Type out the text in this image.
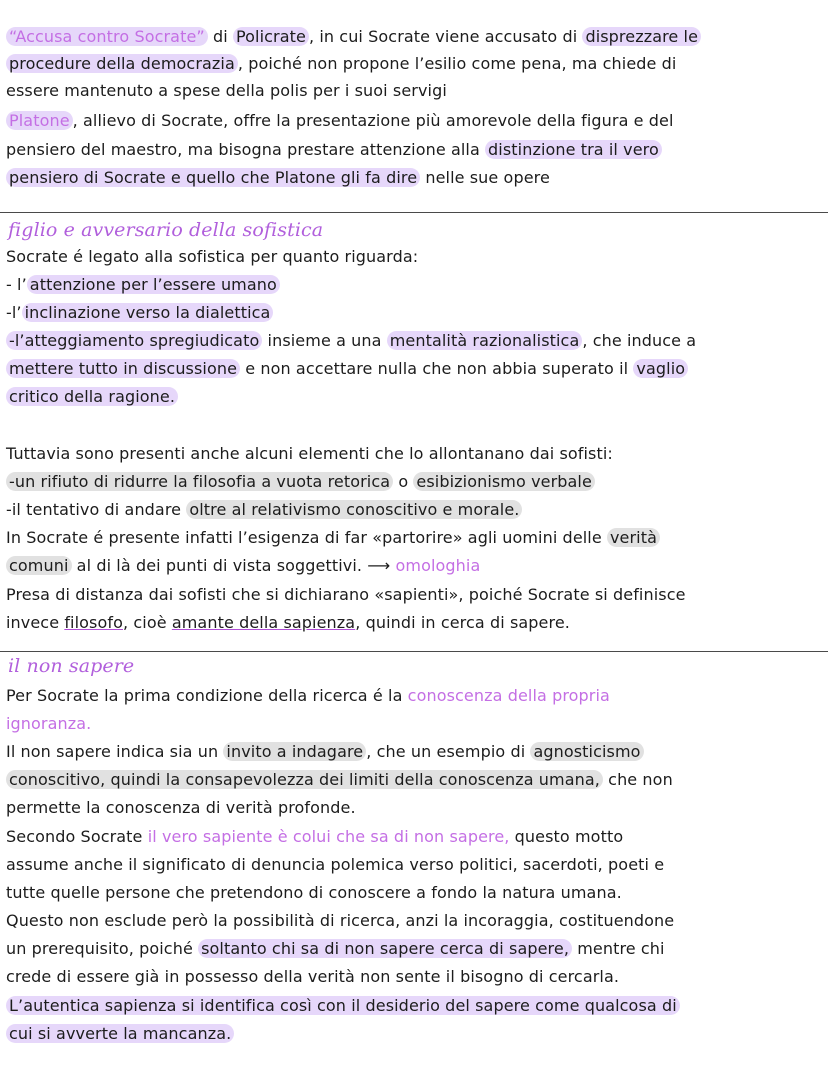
“Accusa contro Socrate” di Policrate , in cui Socrate viene accusato di disprezzare le
procedure della democrazia , poiché non propone l’esilio come pena, ma chiede di
essere mantenuto a spese della polis per i suoi servigi
Platone , allievo di Socrate, offre la presentazione più amorevole della figura e del
pensiero del maestro, ma bisogna prestare attenzione alla distinzione tra il vero
pensiero di Socrate e quello che Platone gli fa dire nelle sue opere
figlio e avversario della sofistica
Socrate é legato alla sofistica per quanto riguarda:
- l’ attenzione per l’essere umano
-l’ inclinazione verso la dialettica
-l’atteggiamento spregiudicato insieme a una mentalità razionalistica , che induce a
mettere tutto in discussione e non accettare nulla che non abbia superato il vaglio
critico della ragione.
Tuttavia sono presenti anche alcuni elementi che lo allontanano dai sofisti:
-un rifiuto di ridurre la filosofia a vuota retorica o esibizionismo verbale
-il tentativo di andare oltre al relativismo conoscitivo e morale.
In Socrate é presente infatti l’esigenza di far «partorire» agli uomini delle verità
comuni al di là dei punti di vista soggettivi. ⟶ omologhia
Presa di distanza dai sofisti che si dichiarano «sapienti», poiché Socrate si definisce
invece filosofo, cioè amante della sapienza, quindi in cerca di sapere.
il non sapere
Per Socrate la prima condizione della ricerca é la conoscenza della propria
ignoranza.
Il non sapere indica sia un invito a indagare , che un esempio di agnosticismo
conoscitivo, quindi la consapevolezza dei limiti della conoscenza umana, che non
permette la conoscenza di verità profonde.
Secondo Socrate il vero sapiente è colui che sa di non sapere, questo motto
assume anche il significato di denuncia polemica verso politici, sacerdoti, poeti e
tutte quelle persone che pretendono di conoscere a fondo la natura umana.
Questo non esclude però la possibilità di ricerca, anzi la incoraggia, costituendone
un prerequisito, poiché soltanto chi sa di non sapere cerca di sapere, mentre chi
crede di essere già in possesso della verità non sente il bisogno di cercarla.
L’autentica sapienza si identifica così con il desiderio del sapere come qualcosa di
cui si avverte la mancanza.
